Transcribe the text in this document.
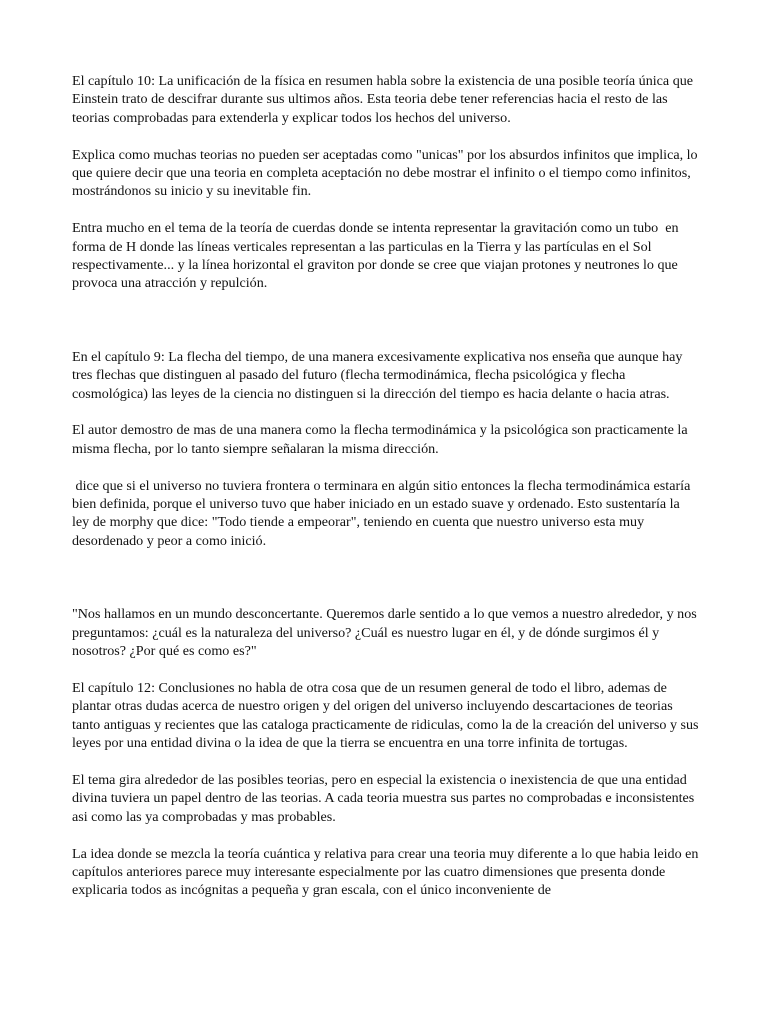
El capítulo 10: La unificación de la física en resumen habla sobre la existencia de una posible teoría única que Einstein trato de descifrar durante sus ultimos años. Esta teoria debe tener referencias hacia el resto de las teorias comprobadas para extenderla y explicar todos los hechos del universo.

Explica como muchas teorias no pueden ser aceptadas como "unicas" por los absurdos infinitos que implica, lo que quiere decir que una teoria en completa aceptación no debe mostrar el infinito o el tiempo como infinitos, mostrándonos su inicio y su inevitable fin.

Entra mucho en el tema de la teoría de cuerdas donde se intenta representar la gravitación como un tubo  en forma de H donde las líneas verticales representan a las particulas en la Tierra y las partículas en el Sol respectivamente... y la línea horizontal el graviton por donde se cree que viajan protones y neutrones lo que provoca una atracción y repulción.

En el capítulo 9: La flecha del tiempo, de una manera excesivamente explicativa nos enseña que aunque hay tres flechas que distinguen al pasado del futuro (flecha termodinámica, flecha psicológica y flecha cosmológica) las leyes de la ciencia no distinguen si la dirección del tiempo es hacia delante o hacia atras.

El autor demostro de mas de una manera como la flecha termodinámica y la psicológica son practicamente la misma flecha, por lo tanto siempre señalaran la misma dirección.

dice que si el universo no tuviera frontera o terminara en algún sitio entonces la flecha termodinámica estaría bien definida, porque el universo tuvo que haber iniciado en un estado suave y ordenado. Esto sustentaría la ley de morphy que dice: "Todo tiende a empeorar", teniendo en cuenta que nuestro universo esta muy desordenado y peor a como inició.

"Nos hallamos en un mundo desconcertante. Queremos darle sentido a lo que vemos a nuestro alrededor, y nos preguntamos: ¿cuál es la naturaleza del universo? ¿Cuál es nuestro lugar en él, y de dónde surgimos él y nosotros? ¿Por qué es como es?"

El capítulo 12: Conclusiones no habla de otra cosa que de un resumen general de todo el libro, ademas de plantar otras dudas acerca de nuestro origen y del origen del universo incluyendo descartaciones de teorias tanto antiguas y recientes que las cataloga practicamente de ridiculas, como la de la creación del universo y sus leyes por una entidad divina o la idea de que la tierra se encuentra en una torre infinita de tortugas.

El tema gira alrededor de las posibles teorias, pero en especial la existencia o inexistencia de que una entidad divina tuviera un papel dentro de las teorias. A cada teoria muestra sus partes no comprobadas e inconsistentes asi como las ya comprobadas y mas probables.

La idea donde se mezcla la teoría cuántica y relativa para crear una teoria muy diferente a lo que habia leido en capítulos anteriores parece muy interesante especialmente por las cuatro dimensiones que presenta donde explicaria todos as incógnitas a pequeña y gran escala, con el único inconveniente de
